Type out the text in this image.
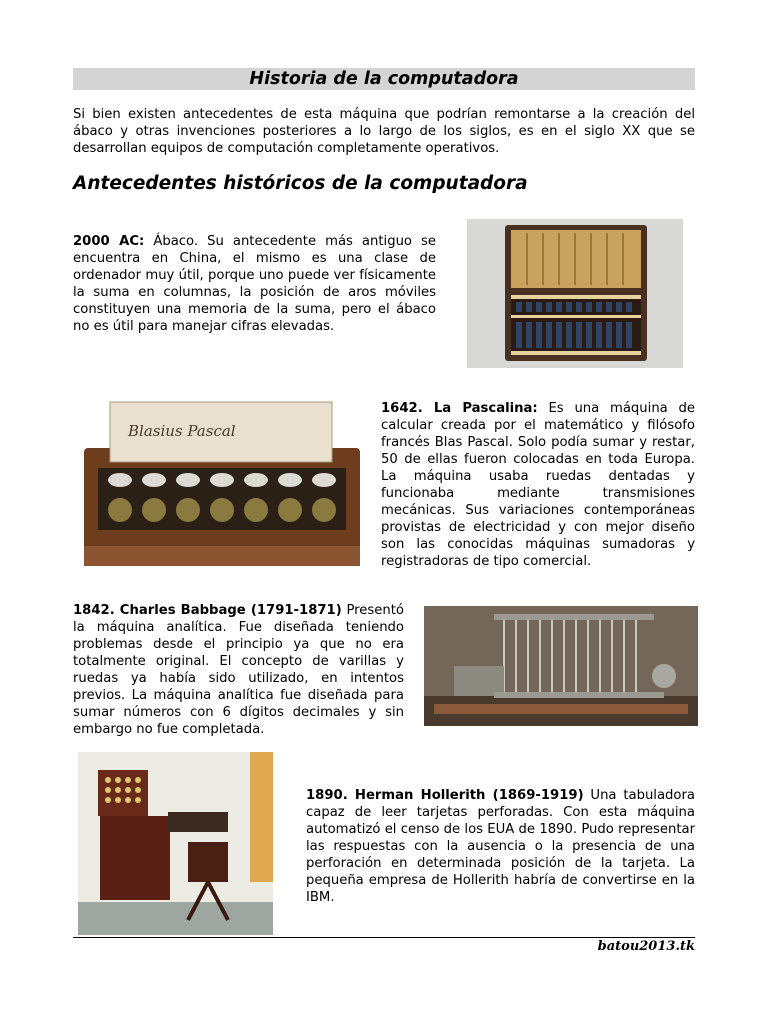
Historia de la computadora
Si bien existen antecedentes de esta máquina que podrían remontarse a la creación del ábaco y otras invenciones posteriores a lo largo de los siglos, es en el siglo XX que se desarrollan equipos de computación completamente operativos.
Antecedentes históricos de la computadora
2000 AC: Ábaco. Su antecedente más antiguo se encuentra en China, el mismo es una clase de ordenador muy útil, porque uno puede ver físicamente la suma en columnas, la posición de aros móviles constituyen una memoria de la suma, pero el ábaco no es útil para manejar cifras elevadas.
Blasius Pascal
1642. La Pascalina: Es una máquina de calcular creada por el matemático y filósofo francés Blas Pascal. Solo podía sumar y restar, 50 de ellas fueron colocadas en toda Europa. La máquina usaba ruedas dentadas y funcionaba mediante transmisiones mecánicas. Sus variaciones contemporáneas provistas de electricidad y con mejor diseño son las conocidas máquinas sumadoras y registradoras de tipo comercial.
1842. Charles Babbage (1791-1871) Presentó la máquina analítica. Fue diseñada teniendo problemas desde el principio ya que no era totalmente original. El concepto de varillas y ruedas ya había sido utilizado, en intentos previos. La máquina analítica fue diseñada para sumar números con 6 dígitos decimales y sin embargo no fue completada.
1890. Herman Hollerith (1869-1919) Una tabuladora capaz de leer tarjetas perforadas. Con esta máquina automatizó el censo de los EUA de 1890. Pudo representar las respuestas con la ausencia o la presencia de una perforación en determinada posición de la tarjeta. La pequeña empresa de Hollerith habría de convertirse en la IBM.
batou2013.tk
